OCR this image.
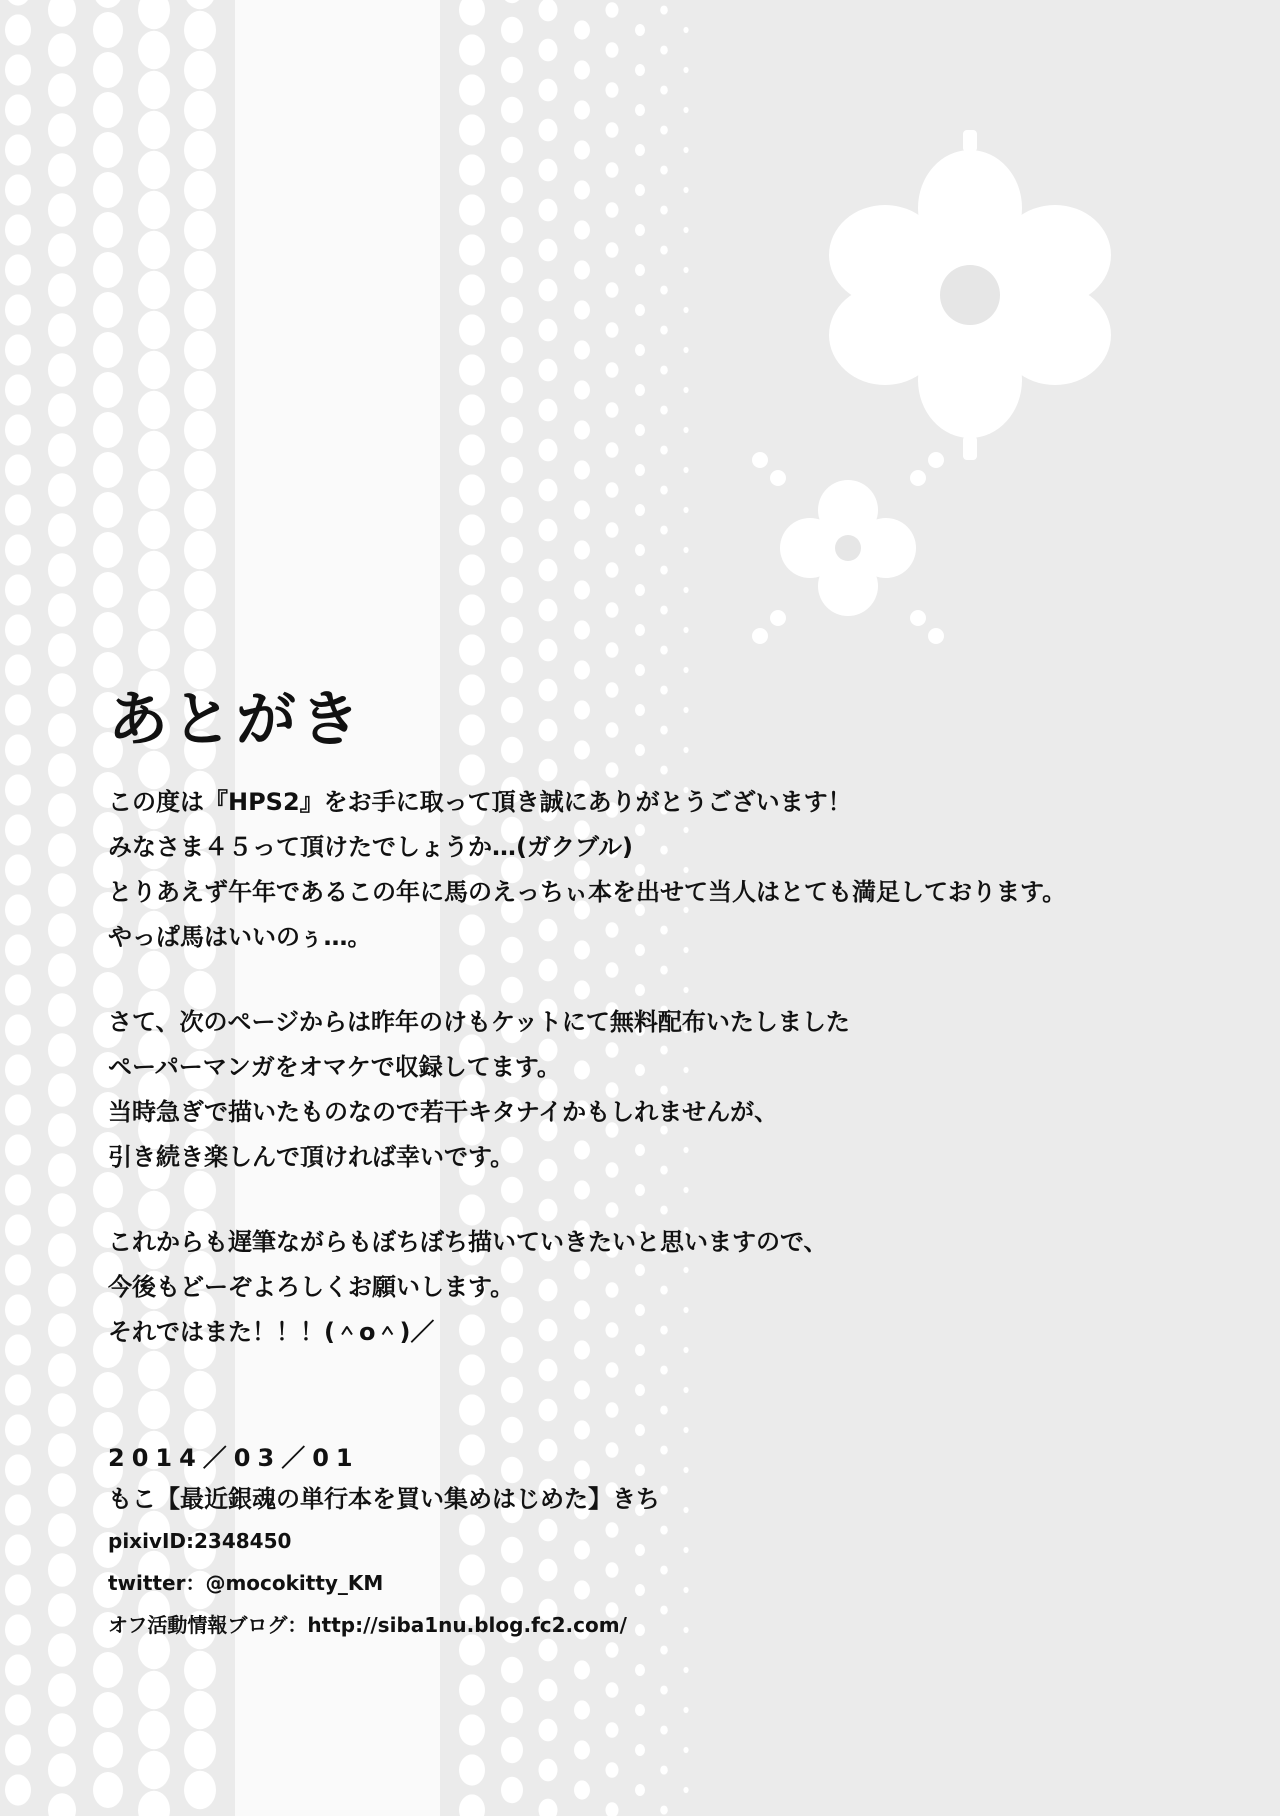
あとがき
この度は『HPS2』をお手に取って頂き誠にありがとうございます！
みなさま４５って頂けたでしょうか…(ガクブル)
とりあえず午年であるこの年に馬のえっちぃ本を出せて当人はとても満足しております。
やっぱ馬はいいのぅ…。
さて、次のページからは昨年のけもケットにて無料配布いたしました
ペーパーマンガをオマケで収録してます。
当時急ぎで描いたものなので若干キタナイかもしれませんが、
引き続き楽しんで頂ければ幸いです。
これからも遅筆ながらもぼちぼち描いていきたいと思いますので、
今後もどーぞよろしくお願いします。
それではまた！！！(＾o＾)／
2014／03／01
もこ【最近銀魂の単行本を買い集めはじめた】きち
pixivID:2348450
twitter：@mocokitty_KM
オフ活動情報ブログ：http://siba1nu.blog.fc2.com/
